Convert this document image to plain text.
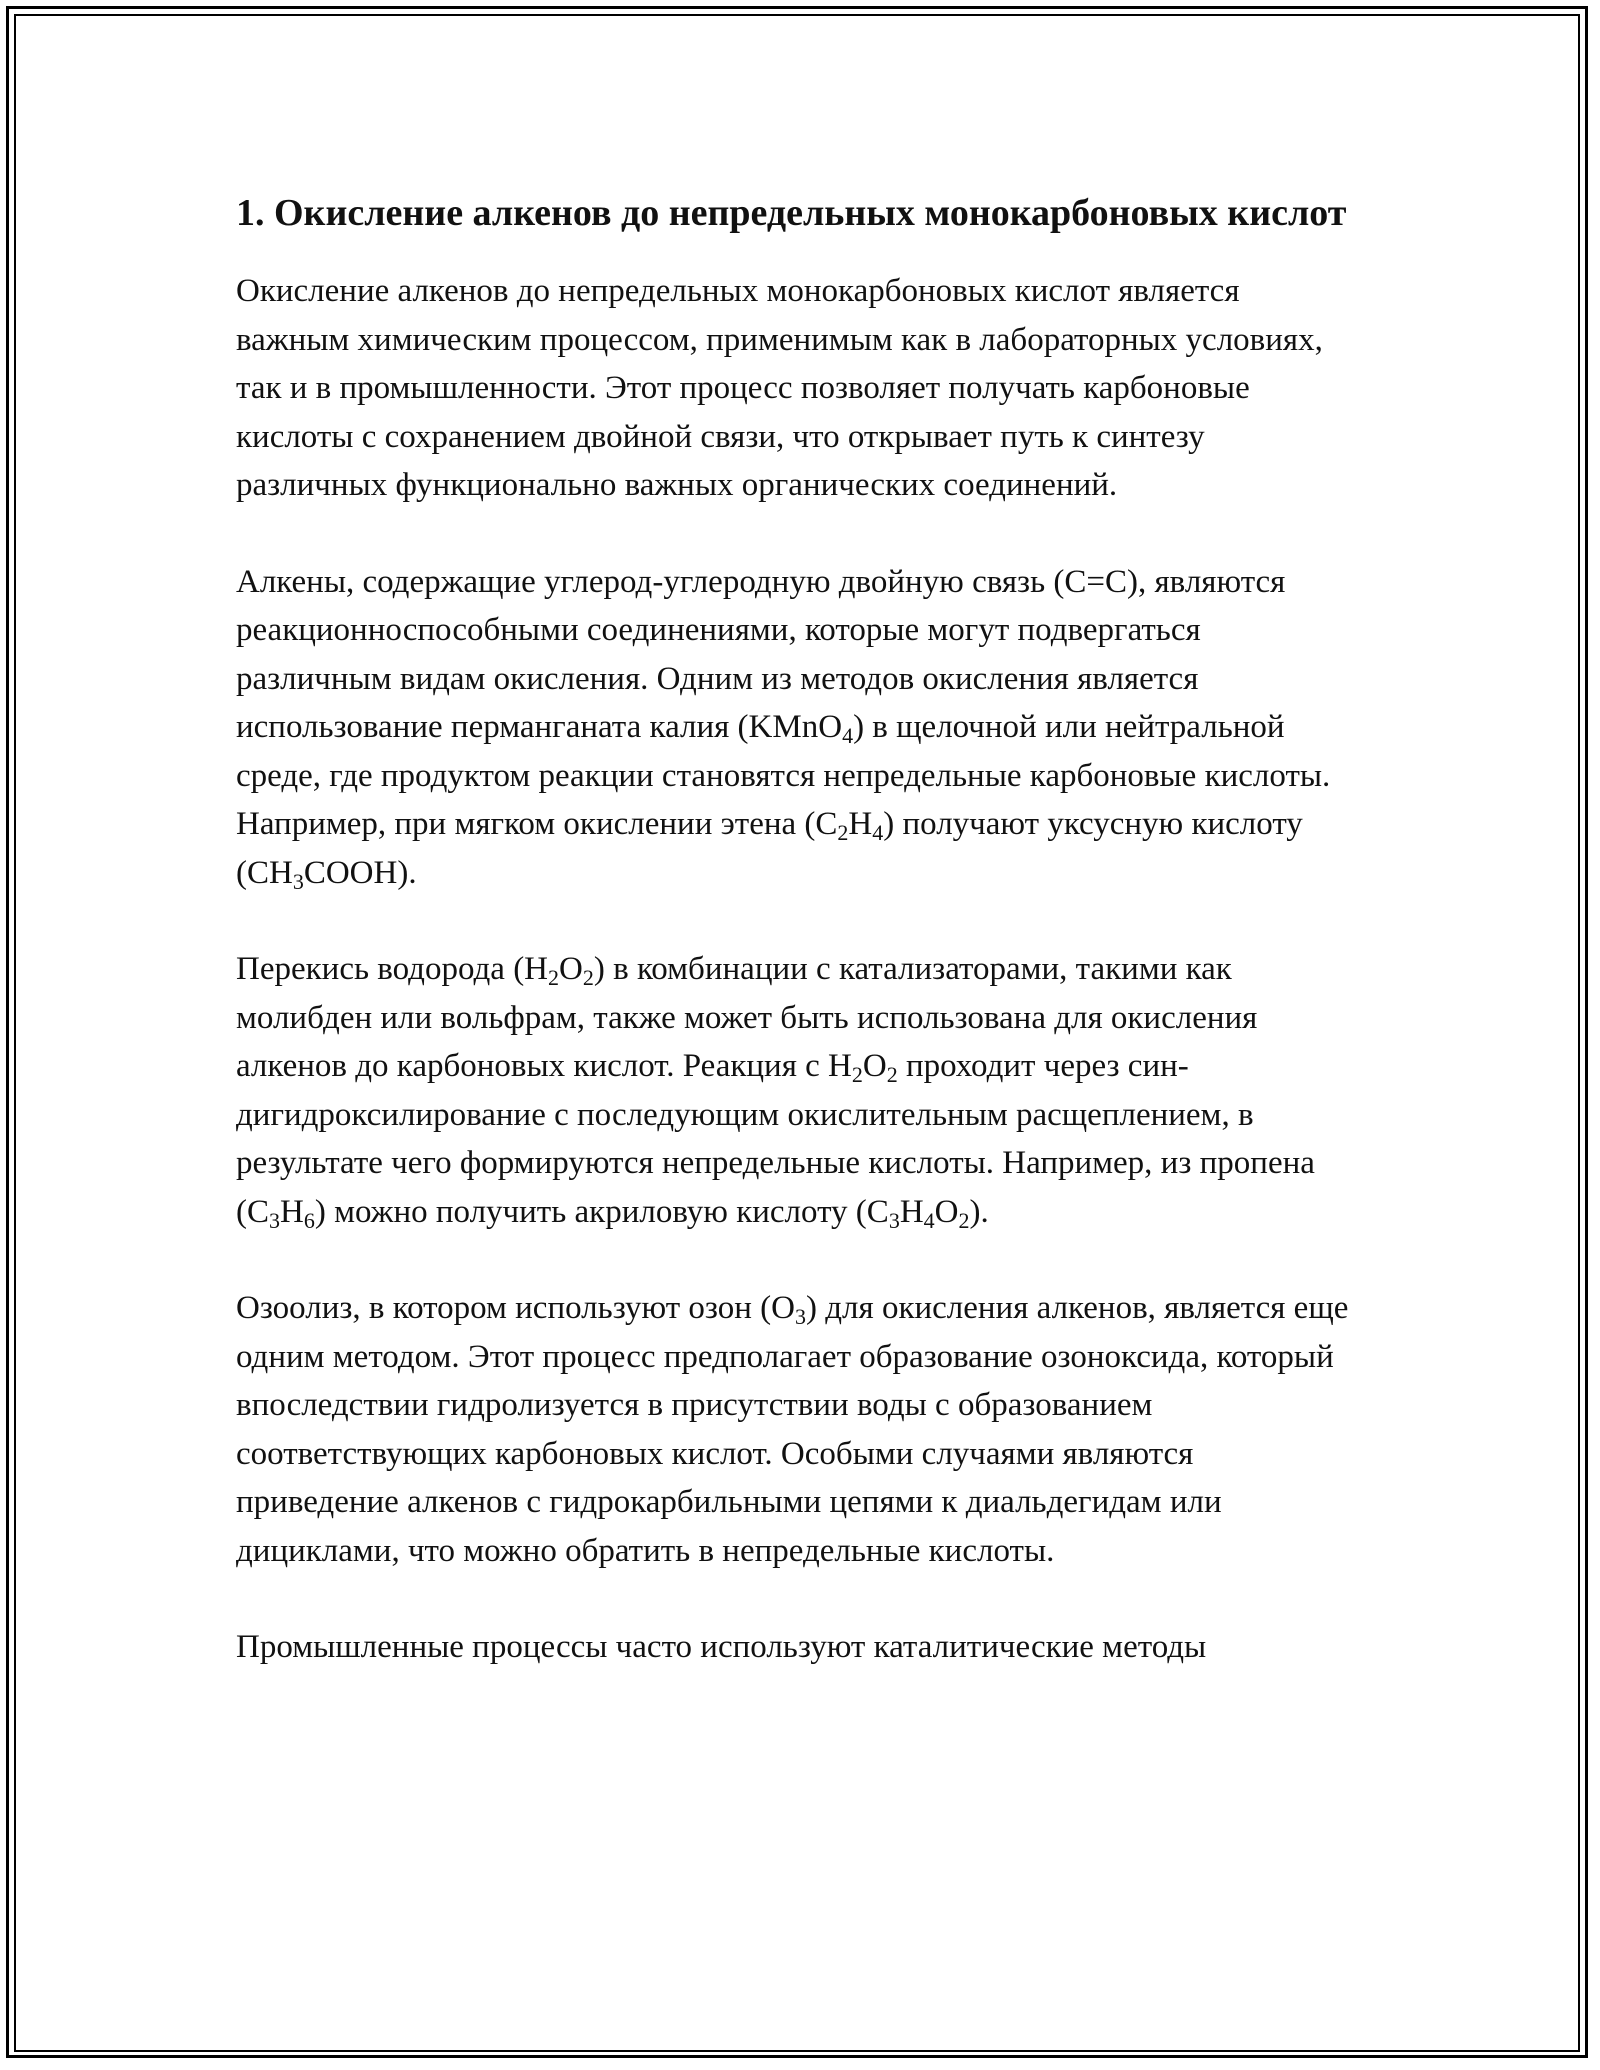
1. Окисление алкенов до непредельных монокарбоновых кислот

Окисление алкенов до непредельных монокарбоновых кислот является важным химическим процессом, применимым как в лабораторных условиях, так и в промышленности. Этот процесс позволяет получать карбоновые кислоты с сохранением двойной связи, что открывает путь к синтезу различных функционально важных органических соединений.

Алкены, содержащие углерод-углеродную двойную связь (C=C), являются реакционноспособными соединениями, которые могут подвергаться различным видам окисления. Одним из методов окисления является использование перманганата калия (KMnO$_4$) в щелочной или нейтральной среде, где продуктом реакции становятся непредельные карбоновые кислоты. Например, при мягком окислении этена $(C_2H_4)$ получают уксусную кислоту $(CH_3COOH)$.

Перекись водорода $(H_2O_2)$ в комбинации с катализаторами, такими как молибден или вольфрам, также может быть использована для окисления алкенов до карбоновых кислот. Реакция с $H_2O_2$ проходит через син-дигидроксилирование с последующим окислительным расщеплением, в результате чего формируются непредельные кислоты. Например, из пропена $(C_3H_6)$ можно получить акриловую кислоту $(C_3H_4O_2)$.

Озоолиз, в котором используют озон $(O_3)$ для окисления алкенов, является еще одним методом. Этот процесс предполагает образование озоноксида, который впоследствии гидролизуется в присутствии воды с образованием соответствующих карбоновых кислот. Особыми случаями являются приведение алкенов с гидрокарбильными цепями к диальдегидам или дициклами, что можно обратить в непредельные кислоты.

Промышленные процессы часто используют каталитические методы
